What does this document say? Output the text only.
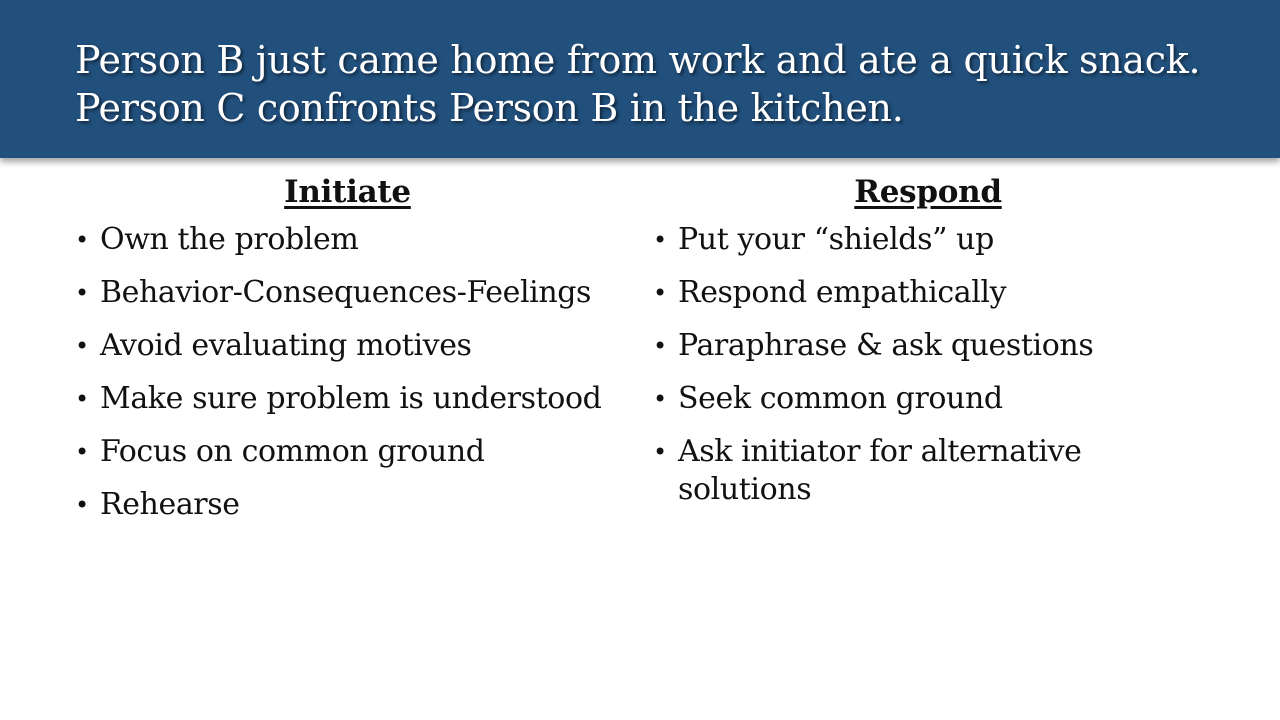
Person B just came home from work and ate a quick snack. Person C confronts Person B in the kitchen.
Initiate
• Own the problem
• Behavior-Consequences-Feelings
• Avoid evaluating motives
• Make sure problem is understood
• Focus on common ground
• Rehearse
Respond
• Put your “shields” up
• Respond empathically
• Paraphrase & ask questions
• Seek common ground
• Ask initiator for alternative solutions
